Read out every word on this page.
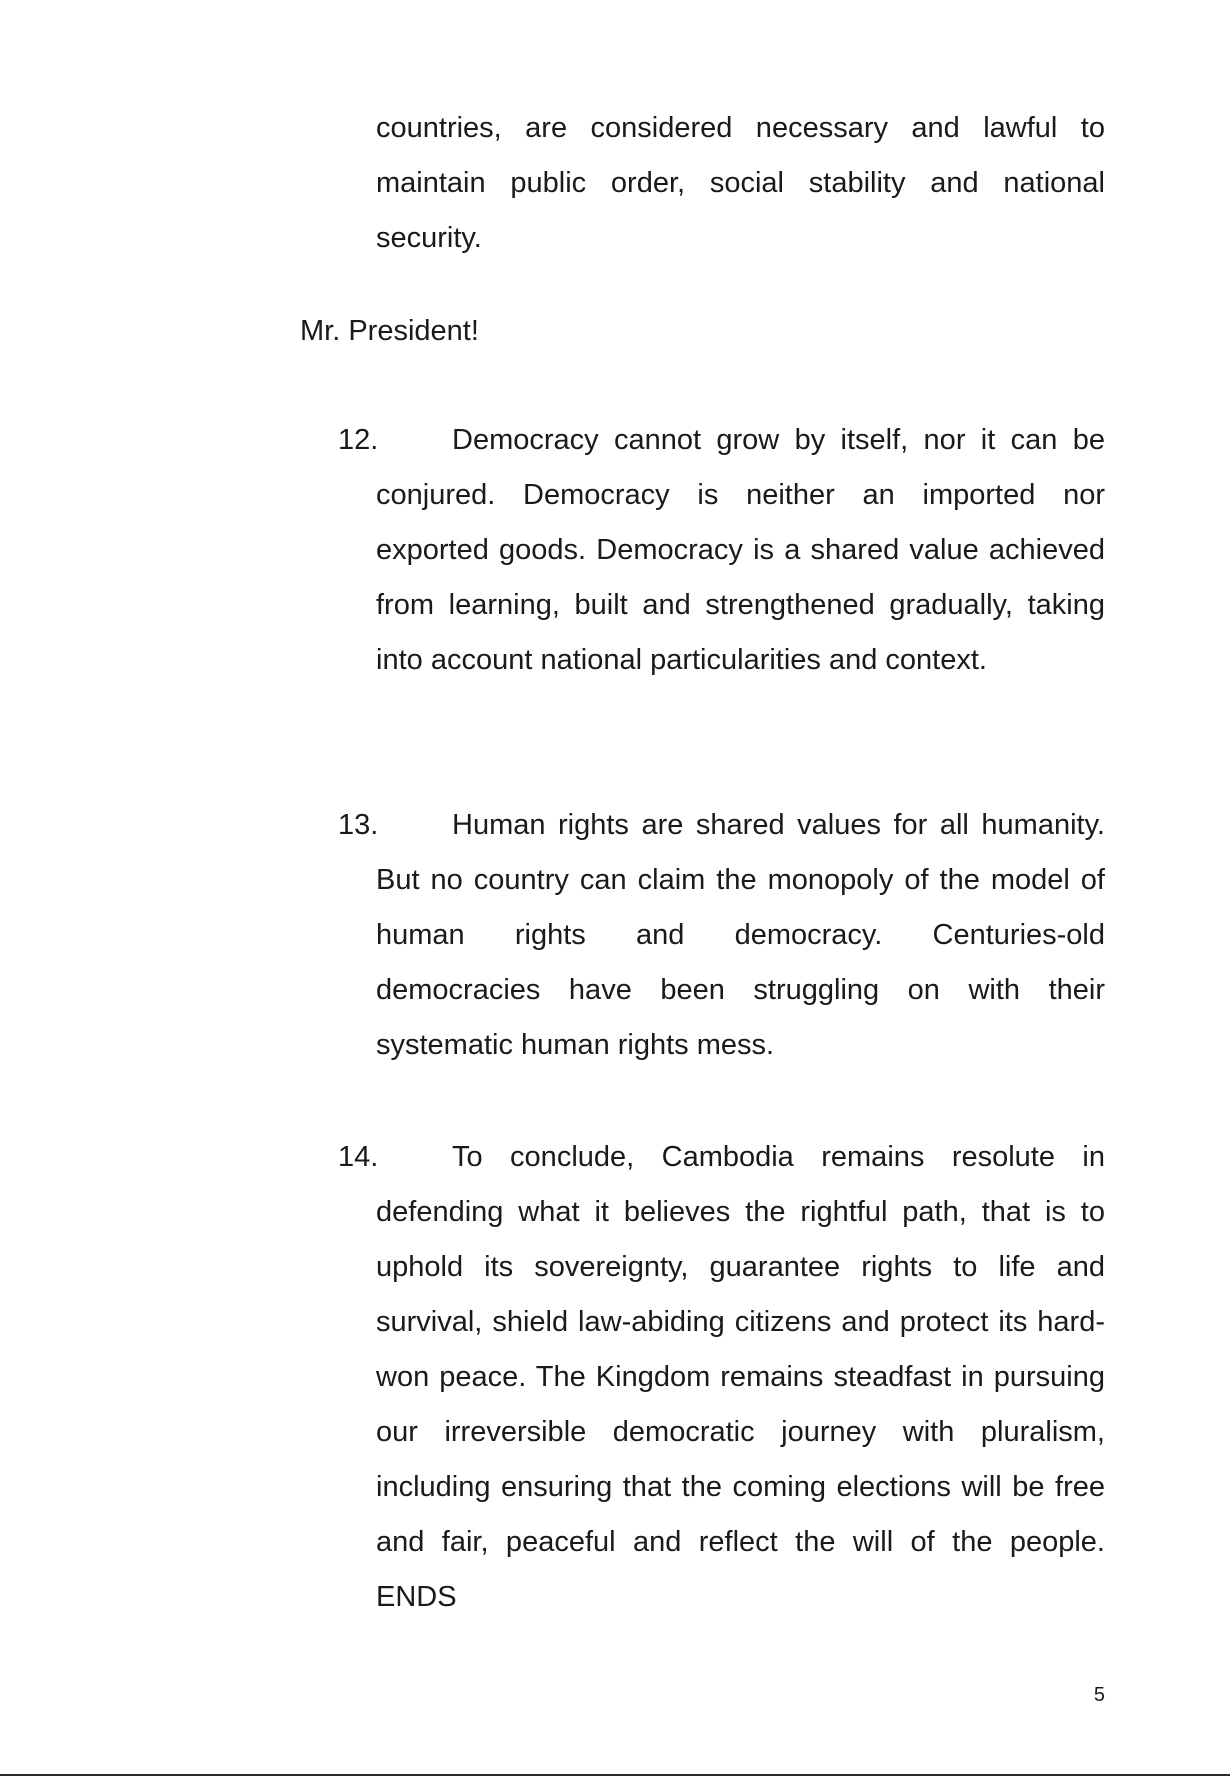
countries, are considered necessary and lawful to maintain public order, social stability and national security.

Mr. President!

12.	Democracy cannot grow by itself, nor it can be conjured. Democracy is neither an imported nor exported goods. Democracy is a shared value achieved from learning, built and strengthened gradually, taking into account national particularities and context.

13.	Human rights are shared values for all humanity. But no country can claim the monopoly of the model of human rights and democracy. Centuries-old democracies have been struggling on with their systematic human rights mess.

14.	To conclude, Cambodia remains resolute in defending what it believes the rightful path, that is to uphold its sovereignty, guarantee rights to life and survival, shield law-abiding citizens and protect its hard-won peace. The Kingdom remains steadfast in pursuing our irreversible democratic journey with pluralism, including ensuring that the coming elections will be free and fair, peaceful and reflect the will of the people. ENDS

5
